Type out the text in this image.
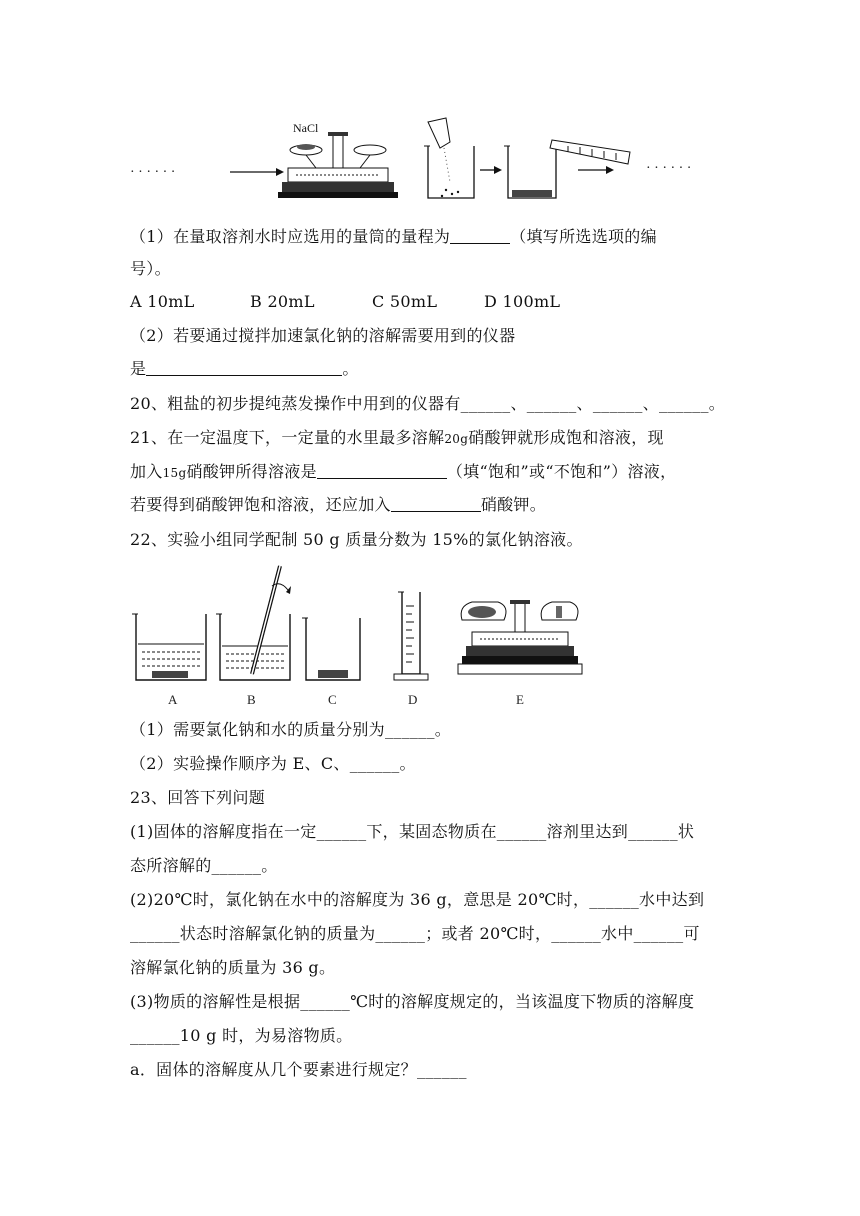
· · · · · ·
NaCl
· · · · · ·
（1）在量取溶剂水时应选用的量筒的量程为	（填写所选选项的编
号）。
A 10mL	B 20mL	C 50mL	D 100mL
（2）若要通过搅拌加速氯化钠的溶解需要用到的仪器
是	。
20、粗盐的初步提纯蒸发操作中用到的仪器有______、______、______、______。
21、在一定温度下，一定量的水里最多溶解20g硝酸钾就形成饱和溶液，现
加入15g硝酸钾所得溶液是	（填“饱和”或“不饱和”）溶液，
若要得到硝酸钾饱和溶液，还应加入	硝酸钾。
22、实验小组同学配制 50 g 质量分数为 15%的氯化钠溶液。
A	B	C	D	E
（1）需要氯化钠和水的质量分别为______。
（2）实验操作顺序为 E、C、______。
23、回答下列问题
(1)固体的溶解度指在一定______下，某固态物质在______溶剂里达到______状
态所溶解的______。
(2)20℃时，氯化钠在水中的溶解度为 36 g，意思是 20℃时，______水中达到
______状态时溶解氯化钠的质量为______；或者 20℃时，______水中______可
溶解氯化钠的质量为 36 g。
(3)物质的溶解性是根据______℃时的溶解度规定的，当该温度下物质的溶解度
______10 g 时，为易溶物质。
a．固体的溶解度从几个要素进行规定？______
